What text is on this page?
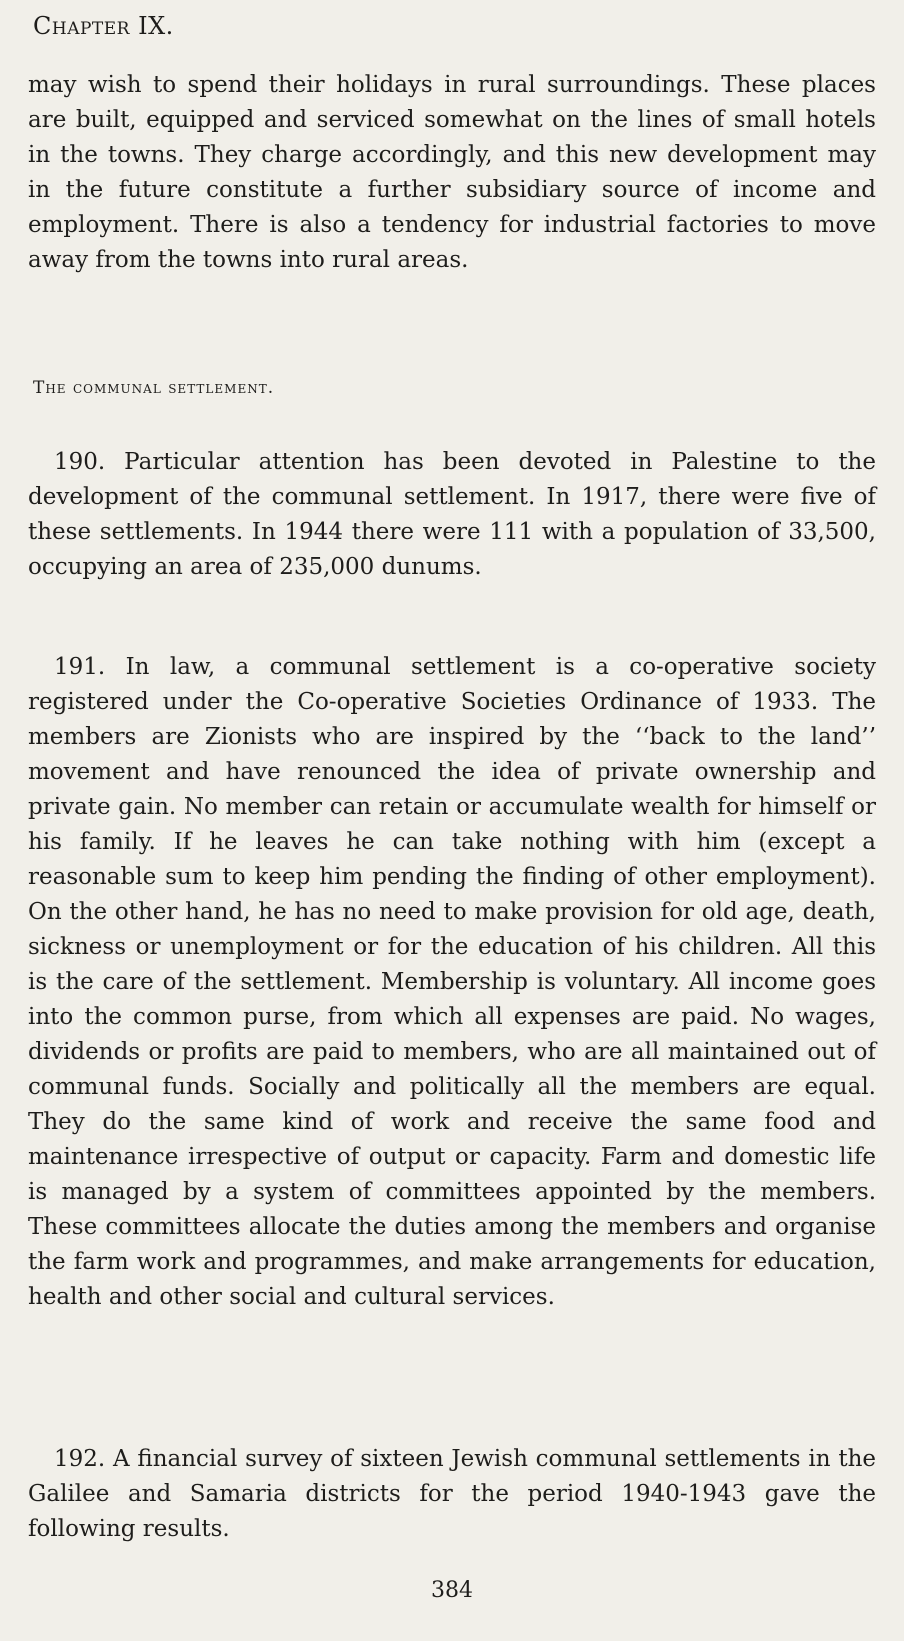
CHAPTER IX.

may wish to spend their holidays in rural surroundings. These places are built, equipped and serviced somewhat on the lines of small hotels in the towns. They charge accordingly, and this new development may in the future constitute a further subsidiary source of income and employment. There is also a tendency for industrial factories to move away from the towns into rural areas.

The communal settlement.

190. Particular attention has been devoted in Palestine to the development of the communal settlement. In 1917, there were five of these settlements. In 1944 there were 111 with a population of 33,500, occupying an area of 235,000 dunums.

191. In law, a communal settlement is a co-operative society registered under the Co-operative Societies Ordinance of 1933. The members are Zionists who are inspired by the ‘‘back to the land’’ movement and have renounced the idea of private ownership and private gain. No member can retain or accumulate wealth for himself or his family. If he leaves he can take nothing with him (except a reasonable sum to keep him pending the finding of other employment). On the other hand, he has no need to make provision for old age, death, sickness or unemployment or for the education of his children. All this is the care of the settlement. Membership is voluntary. All income goes into the common purse, from which all expenses are paid. No wages, dividends or profits are paid to members, who are all maintained out of communal funds. Socially and politically all the members are equal. They do the same kind of work and receive the same food and maintenance irrespective of output or capacity. Farm and domestic life is managed by a system of committees appointed by the members. These committees allocate the duties among the members and organise the farm work and programmes, and make arrangements for education, health and other social and cultural services.

192. A financial survey of sixteen Jewish communal settlements in the Galilee and Samaria districts for the period 1940-1943 gave the following results.

384
